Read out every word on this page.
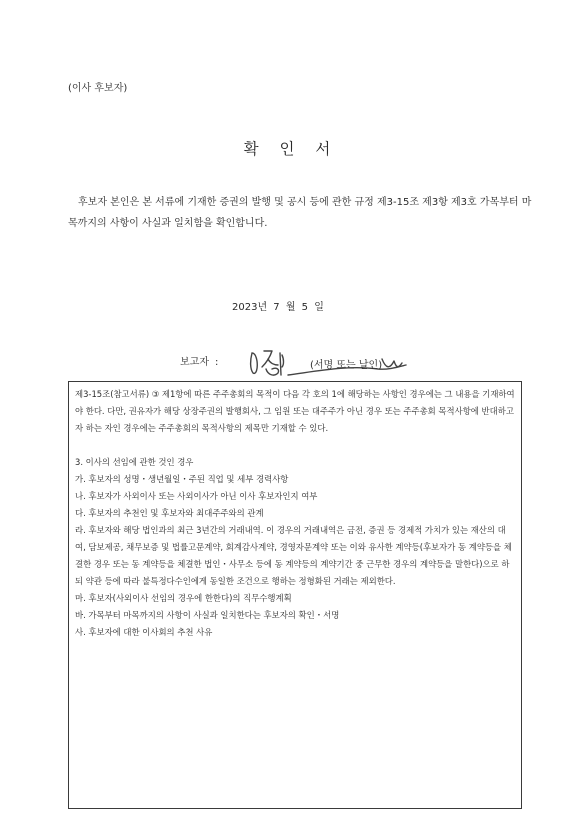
(이사 후보자)
확 인 서
후보자 본인은 본 서류에 기재한 증권의 발행 및 공시 등에 관한 규정 제3-15조 제3항 제3호 가목부터 마목까지의 사항이 사실과 일치함을 확인합니다.
2023년 7 월 5 일
보고자 :	(서명 또는 날인)

제3-15조(참고서류) ③ 제1항에 따른 주주총회의 목적이 다음 각 호의 1에 해당하는 사항인 경우에는 그 내용을 기재하여야 한다. 다만, 권유자가 해당 상장주권의 발행회사, 그 임원 또는 대주주가 아닌 경우 또는 주주총회 목적사항에 반대하고자 하는 자인 경우에는 주주총회의 목적사항의 제목만 기재할 수 있다.

3. 이사의 선임에 관한 것인 경우

가. 후보자의 성명・생년월일・주된 직업 및 세부 경력사항

나. 후보자가 사외이사 또는 사외이사가 아닌 이사 후보자인지 여부

다. 후보자의 추천인 및 후보자와 최대주주와의 관계

라. 후보자와 해당 법인과의 최근 3년간의 거래내역. 이 경우의 거래내역은 금전, 증권 등 경제적 가치가 있는 재산의 대여, 담보제공, 채무보증 및 법률고문계약, 회계감사계약, 경영자문계약 또는 이와 유사한 계약등(후보자가 동 계약등을 체결한 경우 또는 동 계약등을 체결한 법인・사무소 등에 동 계약등의 계약기간 중 근무한 경우의 계약등을 말한다)으로 하되 약관 등에 따라 불특정다수인에게 동일한 조건으로 행하는 정형화된 거래는 제외한다.

마. 후보자(사외이사 선임의 경우에 한한다)의 직무수행계획

바. 가목부터 마목까지의 사항이 사실과 일치한다는 후보자의 확인・서명

사. 후보자에 대한 이사회의 추천 사유
